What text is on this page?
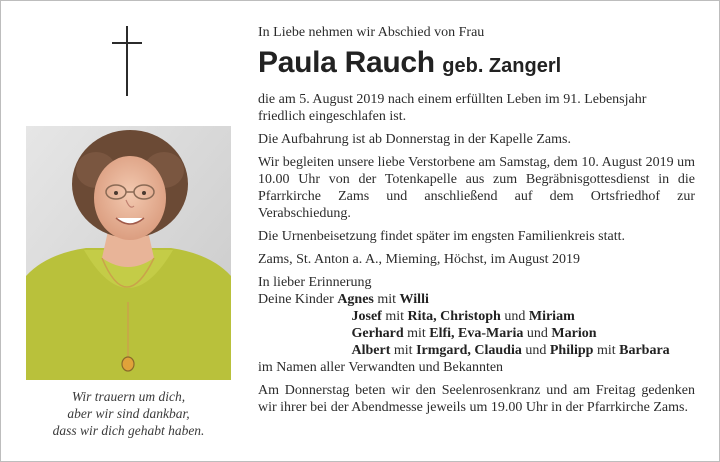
Wir trauern um dich,
aber wir sind dankbar,
dass wir dich gehabt haben.

In Liebe nehmen wir Abschied von Frau

Paula Rauch geb. Zangerl

die am 5. August 2019 nach einem erfüllten Leben im 91. Lebensjahr friedlich eingeschlafen ist.

Die Aufbahrung ist ab Donnerstag in der Kapelle Zams.

Wir begleiten unsere liebe Verstorbene am Samstag, dem 10. August 2019 um 10.00 Uhr von der Totenkapelle aus zum Begräbnisgottesdienst in die Pfarrkirche Zams und anschließend auf dem Ortsfriedhof zur Verabschiedung.

Die Urnenbeisetzung findet später im engsten Familienkreis statt.

Zams, St. Anton a. A., Mieming, Höchst, im August 2019

In lieber Erinnerung
Deine Kinder Agnes mit Willi
Josef mit Rita, Christoph und Miriam
Gerhard mit Elfi, Eva-Maria und Marion
Albert mit Irmgard, Claudia und Philipp mit Barbara
im Namen aller Verwandten und Bekannten

Am Donnerstag beten wir den Seelenrosenkranz und am Freitag gedenken wir ihrer bei der Abendmesse jeweils um 19.00 Uhr in der Pfarrkirche Zams.
